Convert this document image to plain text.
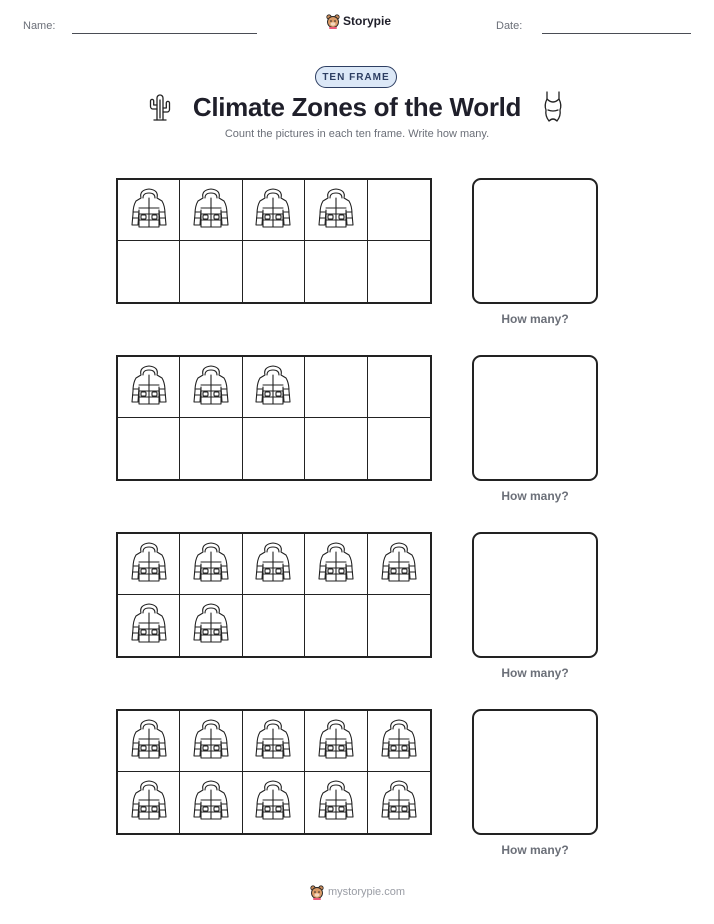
Name:	Storypie	Date:
TEN FRAME
Climate Zones of the World
Count the pictures in each ten frame. Write how many.
How many?
How many?
How many?
How many?
mystorypie.com
